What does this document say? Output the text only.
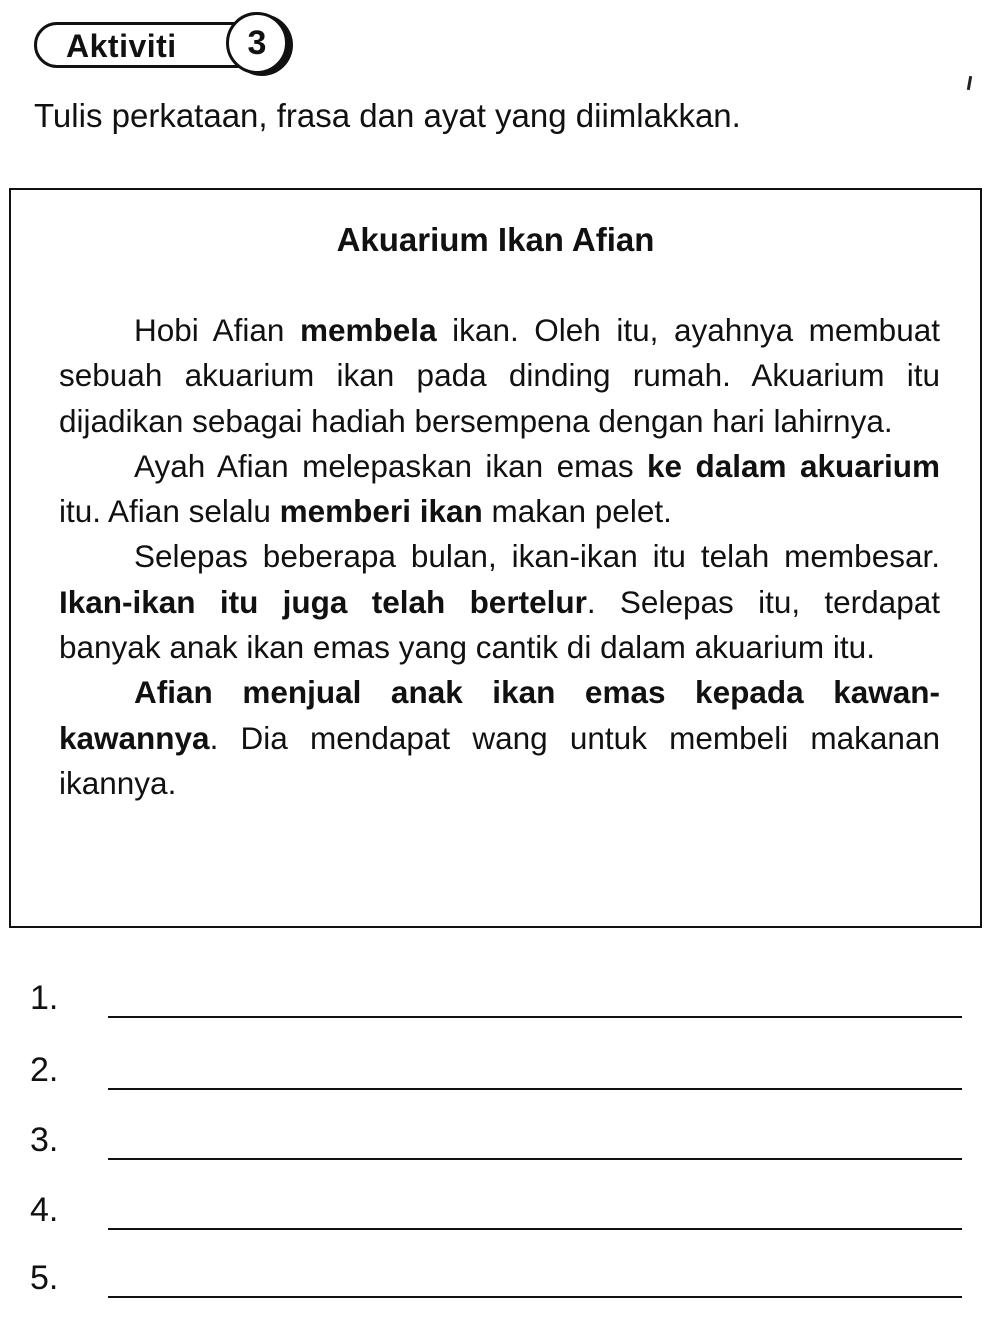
Aktiviti	3
Tulis perkataan, frasa dan ayat yang diimlakkan.
Akuarium Ikan Afian

Hobi Afian membela ikan. Oleh itu, ayahnya membuat sebuah akuarium ikan pada dinding rumah. Akuarium itu dijadikan sebagai hadiah bersempena dengan hari lahirnya.

Ayah Afian melepaskan ikan emas ke dalam akuarium itu. Afian selalu memberi ikan makan pelet.

Selepas beberapa bulan, ikan-ikan itu telah membesar. Ikan-ikan itu juga telah bertelur. Selepas itu, terdapat banyak anak ikan emas yang cantik di dalam akuarium itu.

Afian menjual anak ikan emas kepada kawan-kawannya. Dia mendapat wang untuk membeli makanan ikannya.

1.
2.
3.
4.
5.
